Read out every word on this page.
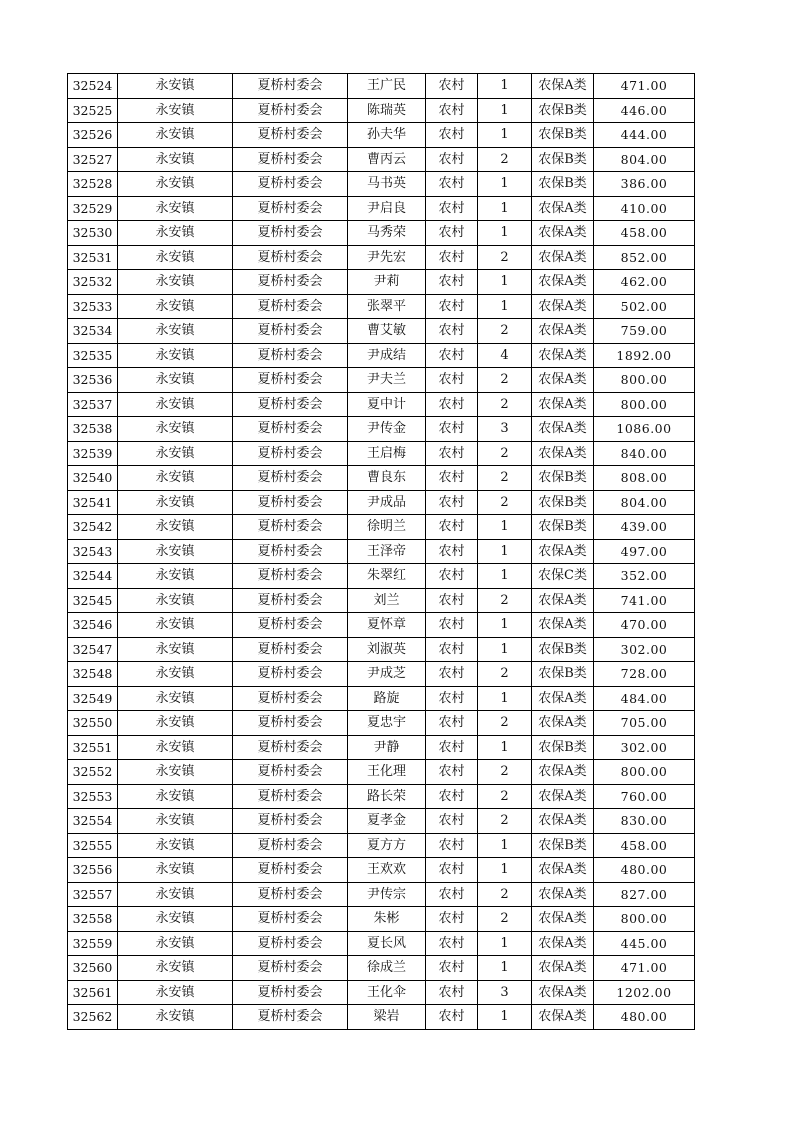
32524	永安镇	夏桥村委会	王广民	农村	1	农保A类	471.00
32525	永安镇	夏桥村委会	陈瑞英	农村	1	农保B类	446.00
32526	永安镇	夏桥村委会	孙夫华	农村	1	农保B类	444.00
32527	永安镇	夏桥村委会	曹丙云	农村	2	农保B类	804.00
32528	永安镇	夏桥村委会	马书英	农村	1	农保B类	386.00
32529	永安镇	夏桥村委会	尹启良	农村	1	农保A类	410.00
32530	永安镇	夏桥村委会	马秀荣	农村	1	农保A类	458.00
32531	永安镇	夏桥村委会	尹先宏	农村	2	农保A类	852.00
32532	永安镇	夏桥村委会	尹莉	农村	1	农保A类	462.00
32533	永安镇	夏桥村委会	张翠平	农村	1	农保A类	502.00
32534	永安镇	夏桥村委会	曹艾敏	农村	2	农保A类	759.00
32535	永安镇	夏桥村委会	尹成结	农村	4	农保A类	1892.00
32536	永安镇	夏桥村委会	尹夫兰	农村	2	农保A类	800.00
32537	永安镇	夏桥村委会	夏中计	农村	2	农保A类	800.00
32538	永安镇	夏桥村委会	尹传金	农村	3	农保A类	1086.00
32539	永安镇	夏桥村委会	王启梅	农村	2	农保A类	840.00
32540	永安镇	夏桥村委会	曹良东	农村	2	农保B类	808.00
32541	永安镇	夏桥村委会	尹成品	农村	2	农保B类	804.00
32542	永安镇	夏桥村委会	徐明兰	农村	1	农保B类	439.00
32543	永安镇	夏桥村委会	王泽帝	农村	1	农保A类	497.00
32544	永安镇	夏桥村委会	朱翠红	农村	1	农保C类	352.00
32545	永安镇	夏桥村委会	刘兰	农村	2	农保A类	741.00
32546	永安镇	夏桥村委会	夏怀章	农村	1	农保A类	470.00
32547	永安镇	夏桥村委会	刘淑英	农村	1	农保B类	302.00
32548	永安镇	夏桥村委会	尹成芝	农村	2	农保B类	728.00
32549	永安镇	夏桥村委会	路旋	农村	1	农保A类	484.00
32550	永安镇	夏桥村委会	夏忠宇	农村	2	农保A类	705.00
32551	永安镇	夏桥村委会	尹静	农村	1	农保B类	302.00
32552	永安镇	夏桥村委会	王化理	农村	2	农保A类	800.00
32553	永安镇	夏桥村委会	路长荣	农村	2	农保A类	760.00
32554	永安镇	夏桥村委会	夏孝金	农村	2	农保A类	830.00
32555	永安镇	夏桥村委会	夏方方	农村	1	农保B类	458.00
32556	永安镇	夏桥村委会	王欢欢	农村	1	农保A类	480.00
32557	永安镇	夏桥村委会	尹传宗	农村	2	农保A类	827.00
32558	永安镇	夏桥村委会	朱彬	农村	2	农保A类	800.00
32559	永安镇	夏桥村委会	夏长风	农村	1	农保A类	445.00
32560	永安镇	夏桥村委会	徐成兰	农村	1	农保A类	471.00
32561	永安镇	夏桥村委会	王化伞	农村	3	农保A类	1202.00
32562	永安镇	夏桥村委会	梁岩	农村	1	农保A类	480.00
